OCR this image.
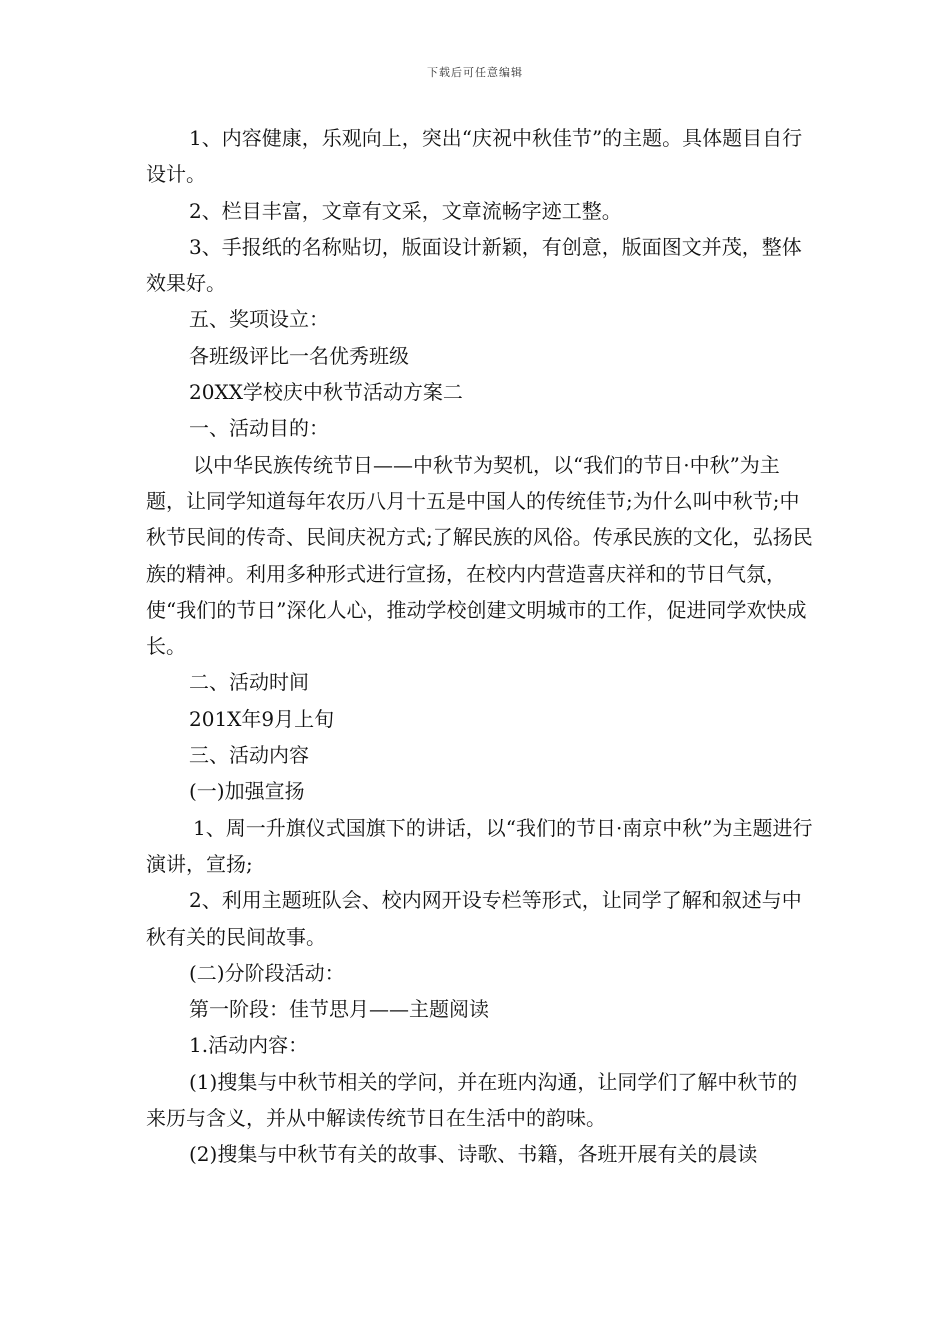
下载后可任意编辑

1、内容健康，乐观向上，突出“庆祝中秋佳节”的主题。具体题目自行设计。

2、栏目丰富，文章有文采，文章流畅字迹工整。

3、手报纸的名称贴切，版面设计新颖，有创意，版面图文并茂，整体效果好。

五、奖项设立：

各班级评比一名优秀班级

20XX学校庆中秋节活动方案二

一、活动目的：

以中华民族传统节日——中秋节为契机，以“我们的节日·中秋”为主题，让同学知道每年农历八月十五是中国人的传统佳节;为什么叫中秋节;中秋节民间的传奇、民间庆祝方式;了解民族的风俗。传承民族的文化，弘扬民族的精神。利用多种形式进行宣扬，在校内内营造喜庆祥和的节日气氛，使“我们的节日”深化人心，推动学校创建文明城市的工作，促进同学欢快成长。

二、活动时间

201X年9月上旬

三、活动内容

(一)加强宣扬

1、周一升旗仪式国旗下的讲话，以“我们的节日·南京中秋”为主题进行演讲，宣扬;

2、利用主题班队会、校内网开设专栏等形式，让同学了解和叙述与中秋有关的民间故事。

(二)分阶段活动：

第一阶段：佳节思月——主题阅读

1.活动内容：

(1)搜集与中秋节相关的学问，并在班内沟通，让同学们了解中秋节的来历与含义，并从中解读传统节日在生活中的韵味。

(2)搜集与中秋节有关的故事、诗歌、书籍，各班开展有关的晨读
